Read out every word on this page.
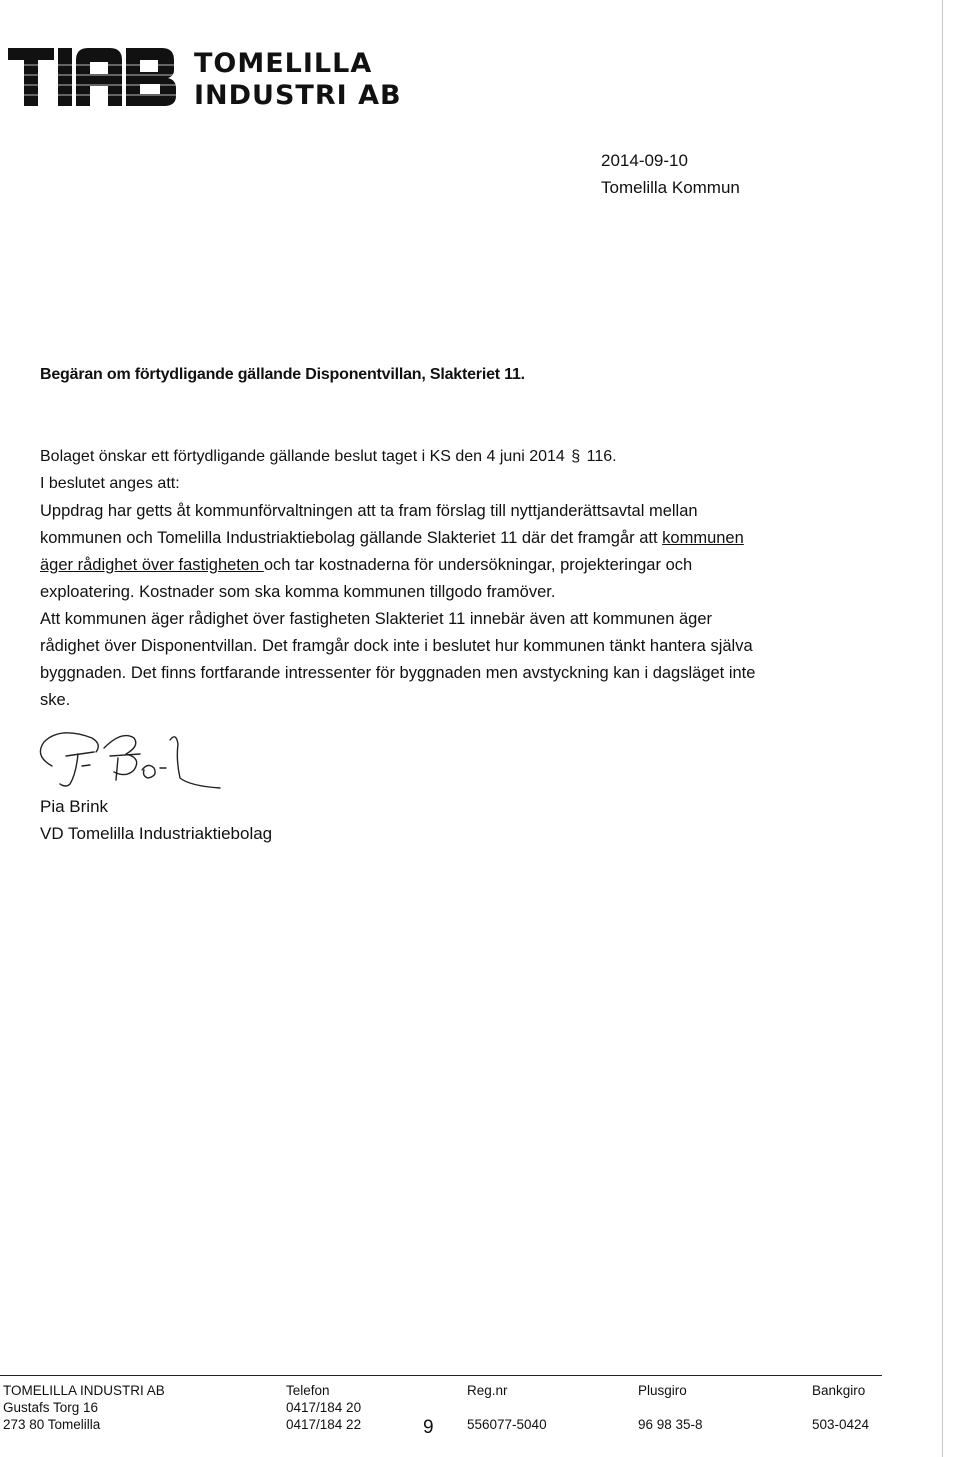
TOMELILLA
INDUSTRI AB
2014-09-10
Tomelilla Kommun
Begäran om förtydligande gällande Disponentvillan, Slakteriet 11.
Bolaget önskar ett förtydligande gällande beslut taget i KS den 4 juni 2014 § 116.
I beslutet anges att:
Uppdrag har getts åt kommunförvaltningen att ta fram förslag till nyttjanderättsavtal mellan
kommunen och Tomelilla Industriaktiebolag gällande Slakteriet 11 där det framgår att kommunen
äger rådighet över fastigheten och tar kostnaderna för undersökningar, projekteringar och
exploatering. Kostnader som ska komma kommunen tillgodo framöver.
Att kommunen äger rådighet över fastigheten Slakteriet 11 innebär även att kommunen äger
rådighet över Disponentvillan. Det framgår dock inte i beslutet hur kommunen tänkt hantera själva
byggnaden. Det finns fortfarande intressenter för byggnaden men avstyckning kan i dagsläget inte
ske.
Pia Brink
VD Tomelilla Industriaktiebolag
TOMELILLA INDUSTRI AB
Gustafs Torg 16
273 80 Tomelilla
Telefon
0417/184 20
0417/184 22
Reg.nr
556077-5040
Plusgiro
96 98 35-8
Bankgiro
503-0424
9
